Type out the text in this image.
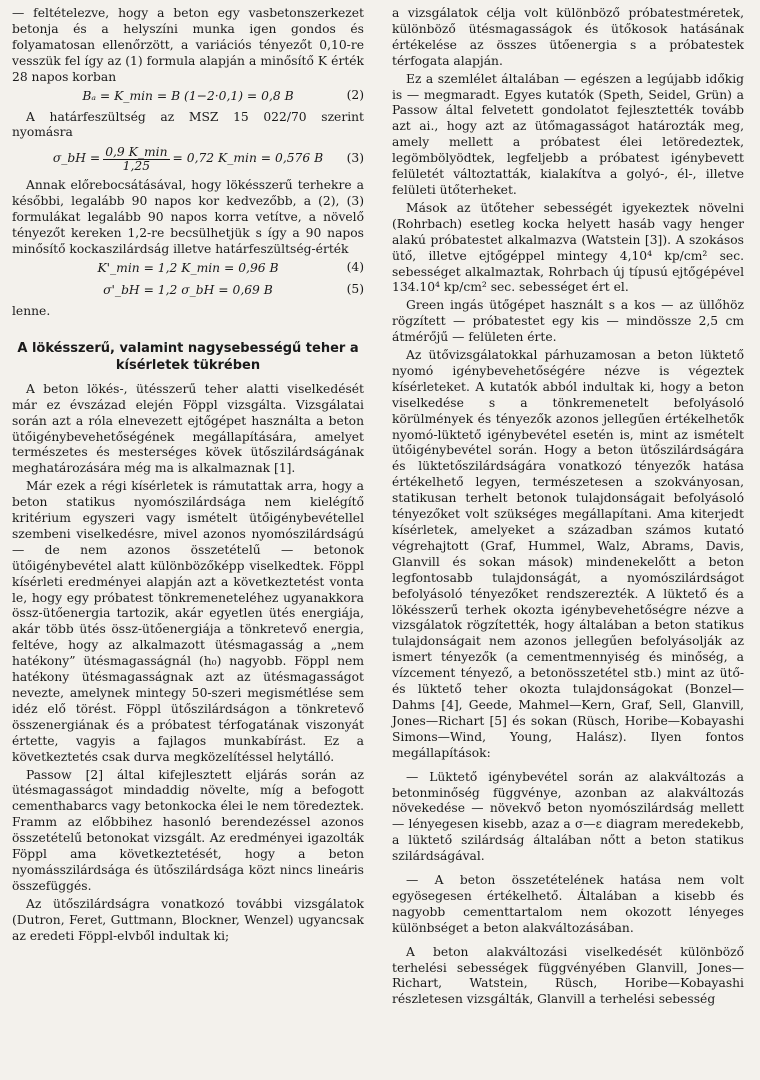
— feltételezve, hogy a beton egy vasbetonszerkezet betonja és a helyszíni munka igen gondos és folyamatosan ellenőrzött, a variációs tényezőt 0,10-re vesszük fel így az (1) formula alapján a minősítő K érték 28 napos korban

Bₐ = K_min = B (1−2·0,1) = 0,8 B	(2)

A határfeszültség az MSZ 15 022/70 szerint nyomásra

σ_bH = $\frac{0,9 K\_\min}{1,25} = 0,72$ K_min = 0,576 B (3)

Annak előrebocsátásával, hogy lökésszerű terhekre a későbbi, legalább 90 napos kor kedvezőbb, a (2), (3) formulákat legalább 90 napos korra vetítve, a növelő tényezőt kereken 1,2-re becsülhetjük s így a 90 napos minősítő kockaszilárdság illetve határfeszültség-érték

K'_min = 1,2 K_min = 0,96 B	(4)
σ'_bH = 1,2 σ_bH = 0,69 B	(5)

lenne.

A lökésszerű, valamint nagysebességű teher a kísérletek tükrében

A beton lökés-, ütésszerű teher alatti viselkedését már ez évszázad elején Föppl vizsgálta. Vizsgálatai során azt a róla elnevezett ejtőgépet használta a beton ütőigénybevehetőségének megállapítására, amelyet természetes és mesterséges kövek ütőszilárdságának meghatározására még ma is alkalmaznak [1].

Már ezek a régi kísérletek is rámutattak arra, hogy a beton statikus nyomószilárdsága nem kielégítő kritérium egyszeri vagy ismételt ütőigénybevétellel szembeni viselkedésre, mivel azonos nyomószilárdságú — de nem azonos összetételű — betonok ütőigénybevétel alatt különbözőképp viselkedtek. Föppl kísérleti eredményei alapján azt a következtetést vonta le, hogy egy próbatest tönkremeneteléhez ugyanakkora össz-ütőenergia tartozik, akár egyetlen ütés energiája, akár több ütés össz-ütőenergiája a tönkretevő energia, feltéve, hogy az alkalmazott ütésmagasság a „nem hatékony” ütésmagasságnál (h₀) nagyobb. Föppl nem hatékony ütésmagasságnak azt az ütésmagasságot nevezte, amelynek mintegy 50-szeri megismétlése sem idéz elő törést. Föppl ütőszilárdságon a tönkretevő összenergiának és a próbatest térfogatának viszonyát értette, vagyis a fajlagos munkabírást. Ez a következtetés csak durva megközelítéssel helytálló.

Passow [2] által kifejlesztett eljárás során az ütésmagasságot mindaddig növelte, míg a befogott cementhabarcs vagy betonkocka élei le nem töredeztek. Framm az előbbihez hasonló berendezéssel azonos összetételű betonokat vizsgált. Az eredményei igazolták Föppl ama következtetését, hogy a beton nyomásszilárdsága és ütőszilárdsága közt nincs lineáris összefüggés.

Az ütőszilárdságra vonatkozó további vizsgálatok (Dutron, Feret, Guttmann, Blockner, Wenzel) ugyancsak az eredeti Föppl-elvből indultak ki;

a vizsgálatok célja volt különböző próbatestméretek, különböző ütésmagasságok és ütőkosok hatásának értékelése az összes ütőenergia s a próbatestek térfogata alapján.

Ez a szemlélet általában — egészen a legújabb időkig is — megmaradt. Egyes kutatók (Speth, Seidel, Grün) a Passow által felvetett gondolatot fejlesztették tovább azt ai., hogy azt az ütőmagasságot határozták meg, amely mellett a próbatest élei letöredeztek, legömbölyödtek, legfeljebb a próbatest igénybevett felületét változtatták, kialakítva a golyó-, él-, illetve felületi ütőterheket.

Mások az ütőteher sebességét igyekeztek növelni (Rohrbach) esetleg kocka helyett hasáb vagy henger alakú próbatestet alkalmazva (Watstein [3]). A szokásos ütő, illetve ejtőgéppel mintegy 4,10⁴ kp/cm² sec. sebességet alkalmaztak, Rohrbach új típusú ejtőgépével 134.10⁴ kp/cm² sec. sebességet ért el.

Green ingás ütőgépet használt s a kos — az üllőhöz rögzített — próbatestet egy kis — mindössze 2,5 cm átmérőjű — felületen érte.

Az ütővizsgálatokkal párhuzamosan a beton lüktető nyomó igénybevehetőségére nézve is végeztek kísérleteket. A kutatók abból indultak ki, hogy a beton viselkedése s a tönkremenetelt befolyásoló körülmények és tényezők azonos jellegűen értékelhetők nyomó-lüktető igénybevétel esetén is, mint az ismételt ütőigénybevétel során. Hogy a beton ütőszilárdságára és lüktetőszilárdságára vonatkozó tényezők hatása értékelhető legyen, természetesen a szokványosan, statikusan terhelt betonok tulajdonságait befolyásoló tényezőket volt szükséges megállapítani. Ama kiterjedt kísérletek, amelyeket a században számos kutató végrehajtott (Graf, Hummel, Walz, Abrams, Davis, Glanvill és sokan mások) mindenekelőtt a beton legfontosabb tulajdonságát, a nyomószilárdságot befolyásoló tényezőket rendszerezték. A lüktető és a lökésszerű terhek okozta igénybevehetőségre nézve a vizsgálatok rögzítették, hogy általában a beton statikus tulajdonságait nem azonos jellegűen befolyásolják az ismert tényezők (a cementmennyiség és minőség, a vízcement tényező, a betonösszetétel stb.) mint az ütő- és lüktető teher okozta tulajdonságokat (Bonzel—Dahms [4], Geede, Mahmel—Kern, Graf, Sell, Glanvill, Jones—Richart [5] és sokan (Rüsch, Horibe—Kobayashi Simons—Wind, Young, Halász). Ilyen fontos megállapítások:

— Lüktető igénybevétel során az alakváltozás a betonminőség függvénye, azonban az alakváltozás növekedése — növekvő beton nyomószilárdság mellett — lényegesen kisebb, azaz a σ—ε diagram meredekebb, a lüktető szilárdság általában nőtt a beton statikus szilárdságával.

— A beton összetételének hatása nem volt egyösegesen értékelhető. Általában a kisebb és nagyobb cementtartalom nem okozott lényeges különbséget a beton alakváltozásában.

A beton alakváltozási viselkedését különböző terhelési sebességek függvényében Glanvill, Jones—Richart, Watstein, Rüsch, Horibe—Kobayashi részletesen vizsgálták, Glanvill a terhelési sebesség
